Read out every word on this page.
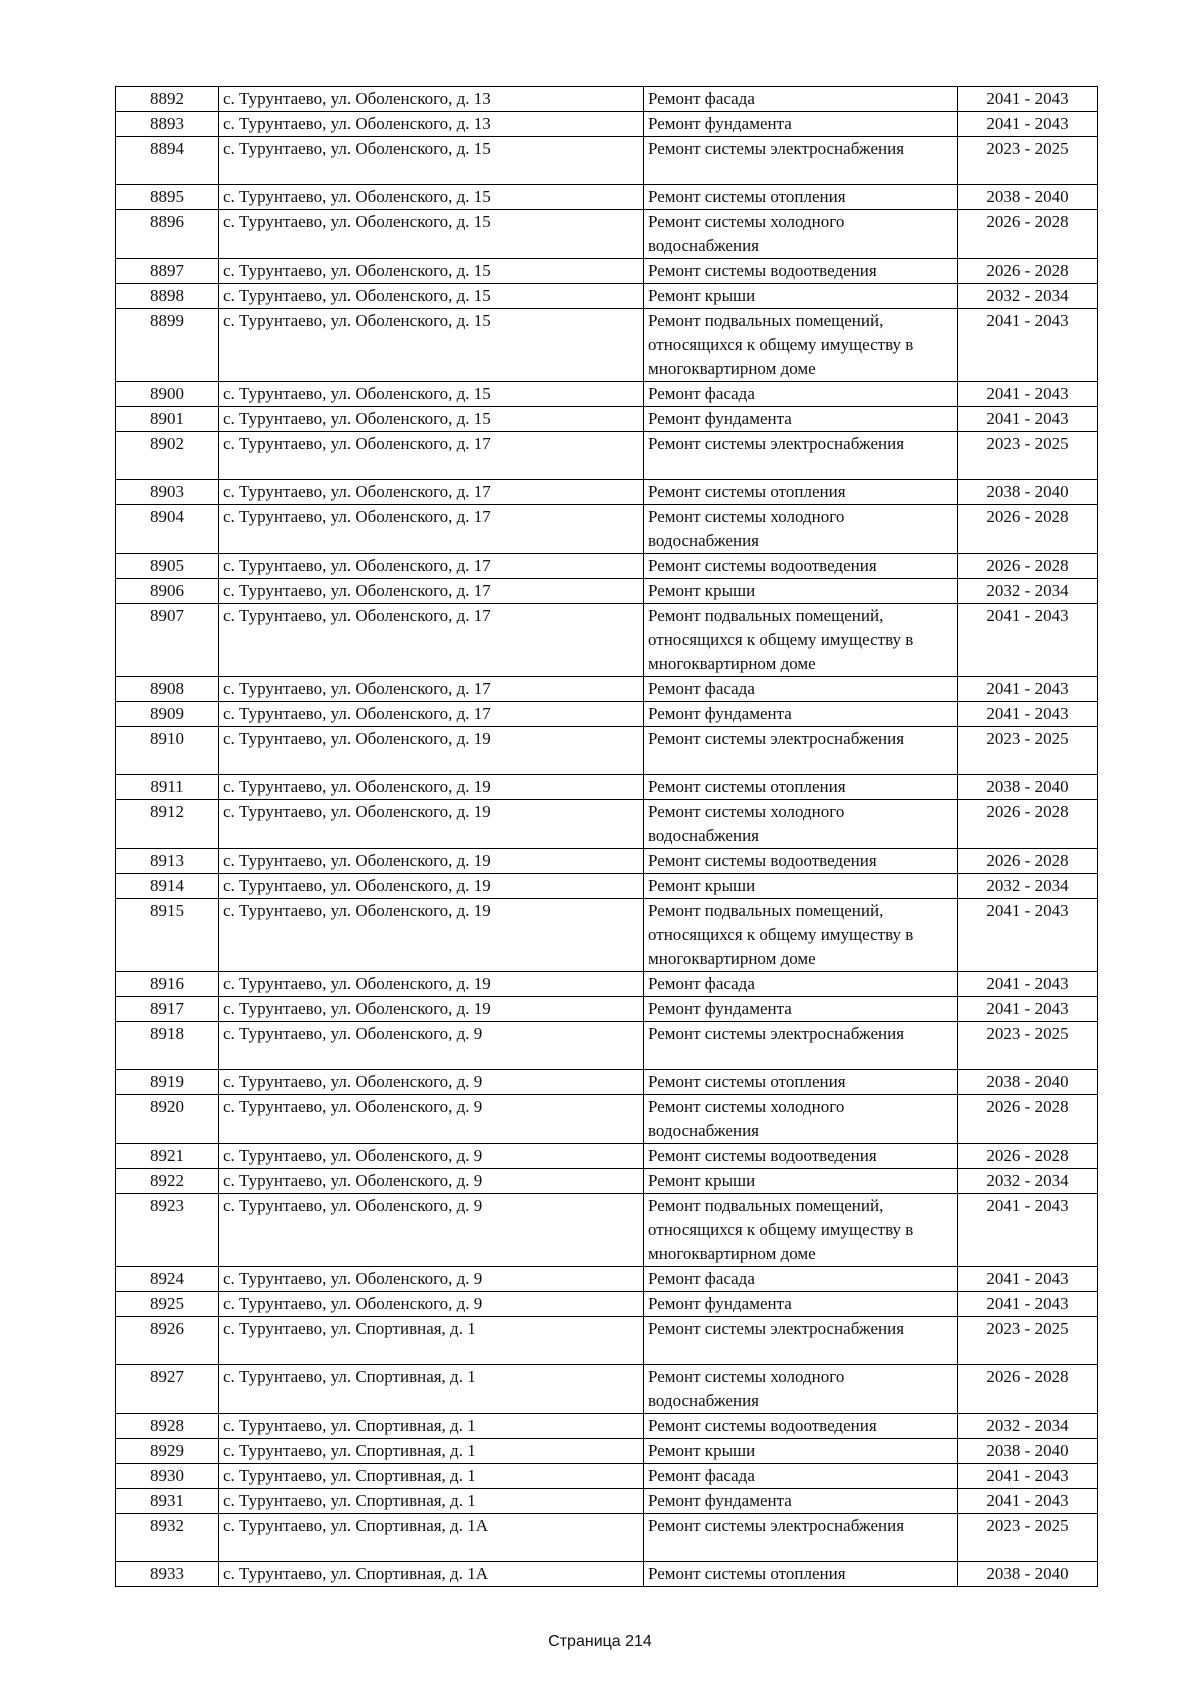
8892	с. Турунтаево, ул. Оболенского, д. 13	Ремонт фасада	2041 - 2043
8893	с. Турунтаево, ул. Оболенского, д. 13	Ремонт фундамента	2041 - 2043
8894	с. Турунтаево, ул. Оболенского, д. 15	Ремонт системы электроснабжения	2023 - 2025
8895	с. Турунтаево, ул. Оболенского, д. 15	Ремонт системы отопления	2038 - 2040
8896	с. Турунтаево, ул. Оболенского, д. 15	Ремонт системы холодного водоснабжения	2026 - 2028
8897	с. Турунтаево, ул. Оболенского, д. 15	Ремонт системы водоотведения	2026 - 2028
8898	с. Турунтаево, ул. Оболенского, д. 15	Ремонт крыши	2032 - 2034
8899	с. Турунтаево, ул. Оболенского, д. 15	Ремонт подвальных помещений, относящихся к общему имуществу в многоквартирном доме	2041 - 2043
8900	с. Турунтаево, ул. Оболенского, д. 15	Ремонт фасада	2041 - 2043
8901	с. Турунтаево, ул. Оболенского, д. 15	Ремонт фундамента	2041 - 2043
8902	с. Турунтаево, ул. Оболенского, д. 17	Ремонт системы электроснабжения	2023 - 2025
8903	с. Турунтаево, ул. Оболенского, д. 17	Ремонт системы отопления	2038 - 2040
8904	с. Турунтаево, ул. Оболенского, д. 17	Ремонт системы холодного водоснабжения	2026 - 2028
8905	с. Турунтаево, ул. Оболенского, д. 17	Ремонт системы водоотведения	2026 - 2028
8906	с. Турунтаево, ул. Оболенского, д. 17	Ремонт крыши	2032 - 2034
8907	с. Турунтаево, ул. Оболенского, д. 17	Ремонт подвальных помещений, относящихся к общему имуществу в многоквартирном доме	2041 - 2043
8908	с. Турунтаево, ул. Оболенского, д. 17	Ремонт фасада	2041 - 2043
8909	с. Турунтаево, ул. Оболенского, д. 17	Ремонт фундамента	2041 - 2043
8910	с. Турунтаево, ул. Оболенского, д. 19	Ремонт системы электроснабжения	2023 - 2025
8911	с. Турунтаево, ул. Оболенского, д. 19	Ремонт системы отопления	2038 - 2040
8912	с. Турунтаево, ул. Оболенского, д. 19	Ремонт системы холодного водоснабжения	2026 - 2028
8913	с. Турунтаево, ул. Оболенского, д. 19	Ремонт системы водоотведения	2026 - 2028
8914	с. Турунтаево, ул. Оболенского, д. 19	Ремонт крыши	2032 - 2034
8915	с. Турунтаево, ул. Оболенского, д. 19	Ремонт подвальных помещений, относящихся к общему имуществу в многоквартирном доме	2041 - 2043
8916	с. Турунтаево, ул. Оболенского, д. 19	Ремонт фасада	2041 - 2043
8917	с. Турунтаево, ул. Оболенского, д. 19	Ремонт фундамента	2041 - 2043
8918	с. Турунтаево, ул. Оболенского, д. 9	Ремонт системы электроснабжения	2023 - 2025
8919	с. Турунтаево, ул. Оболенского, д. 9	Ремонт системы отопления	2038 - 2040
8920	с. Турунтаево, ул. Оболенского, д. 9	Ремонт системы холодного водоснабжения	2026 - 2028
8921	с. Турунтаево, ул. Оболенского, д. 9	Ремонт системы водоотведения	2026 - 2028
8922	с. Турунтаево, ул. Оболенского, д. 9	Ремонт крыши	2032 - 2034
8923	с. Турунтаево, ул. Оболенского, д. 9	Ремонт подвальных помещений, относящихся к общему имуществу в многоквартирном доме	2041 - 2043
8924	с. Турунтаево, ул. Оболенского, д. 9	Ремонт фасада	2041 - 2043
8925	с. Турунтаево, ул. Оболенского, д. 9	Ремонт фундамента	2041 - 2043
8926	с. Турунтаево, ул. Спортивная, д. 1	Ремонт системы электроснабжения	2023 - 2025
8927	с. Турунтаево, ул. Спортивная, д. 1	Ремонт системы холодного водоснабжения	2026 - 2028
8928	с. Турунтаево, ул. Спортивная, д. 1	Ремонт системы водоотведения	2032 - 2034
8929	с. Турунтаево, ул. Спортивная, д. 1	Ремонт крыши	2038 - 2040
8930	с. Турунтаево, ул. Спортивная, д. 1	Ремонт фасада	2041 - 2043
8931	с. Турунтаево, ул. Спортивная, д. 1	Ремонт фундамента	2041 - 2043
8932	с. Турунтаево, ул. Спортивная, д. 1А	Ремонт системы электроснабжения	2023 - 2025
8933	с. Турунтаево, ул. Спортивная, д. 1А	Ремонт системы отопления	2038 - 2040
Страница 214
